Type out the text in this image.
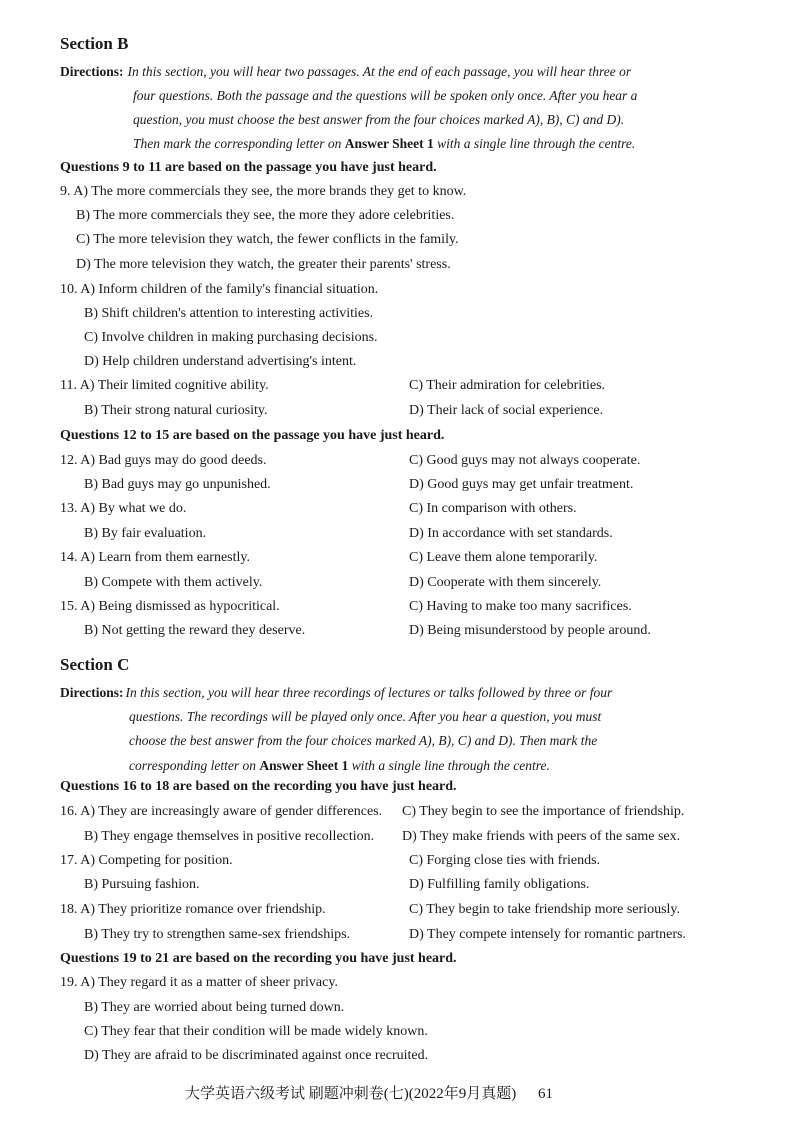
Section B
Directions: In this section, you will hear two passages. At the end of each passage, you will hear three or
four questions. Both the passage and the questions will be spoken only once. After you hear a
question, you must choose the best answer from the four choices marked A), B), C) and D).
Then mark the corresponding letter on Answer Sheet 1 with a single line through the centre.
Questions 9 to 11 are based on the passage you have just heard.
9. A) The more commercials they see, the more brands they get to know.
B) The more commercials they see, the more they adore celebrities.
C) The more television they watch, the fewer conflicts in the family.
D) The more television they watch, the greater their parents' stress.
10. A) Inform children of the family's financial situation.
B) Shift children's attention to interesting activities.
C) Involve children in making purchasing decisions.
D) Help children understand advertising's intent.
11. A) Their limited cognitive ability.	C) Their admiration for celebrities.
B) Their strong natural curiosity.	D) Their lack of social experience.
Questions 12 to 15 are based on the passage you have just heard.
12. A) Bad guys may do good deeds.	C) Good guys may not always cooperate.
B) Bad guys may go unpunished.	D) Good guys may get unfair treatment.
13. A) By what we do.	C) In comparison with others.
B) By fair evaluation.	D) In accordance with set standards.
14. A) Learn from them earnestly.	C) Leave them alone temporarily.
B) Compete with them actively.	D) Cooperate with them sincerely.
15. A) Being dismissed as hypocritical.	C) Having to make too many sacrifices.
B) Not getting the reward they deserve.	D) Being misunderstood by people around.
Section C
Directions: In this section, you will hear three recordings of lectures or talks followed by three or four
questions. The recordings will be played only once. After you hear a question, you must
choose the best answer from the four choices marked A), B), C) and D). Then mark the
corresponding letter on Answer Sheet 1 with a single line through the centre.
Questions 16 to 18 are based on the recording you have just heard.
16. A) They are increasingly aware of gender differences. C) They begin to see the importance of friendship.
B) They engage themselves in positive recollection. D) They make friends with peers of the same sex.
17. A) Competing for position.	C) Forging close ties with friends.
B) Pursuing fashion.	D) Fulfilling family obligations.
18. A) They prioritize romance over friendship.	C) They begin to take friendship more seriously.
B) They try to strengthen same-sex friendships.	D) They compete intensely for romantic partners.
Questions 19 to 21 are based on the recording you have just heard.
19. A) They regard it as a matter of sheer privacy.
B) They are worried about being turned down.
C) They fear that their condition will be made widely known.
D) They are afraid to be discriminated against once recruited.
大学英语六级考试 刷题冲刺卷(七)(2022年9月真题) 61
